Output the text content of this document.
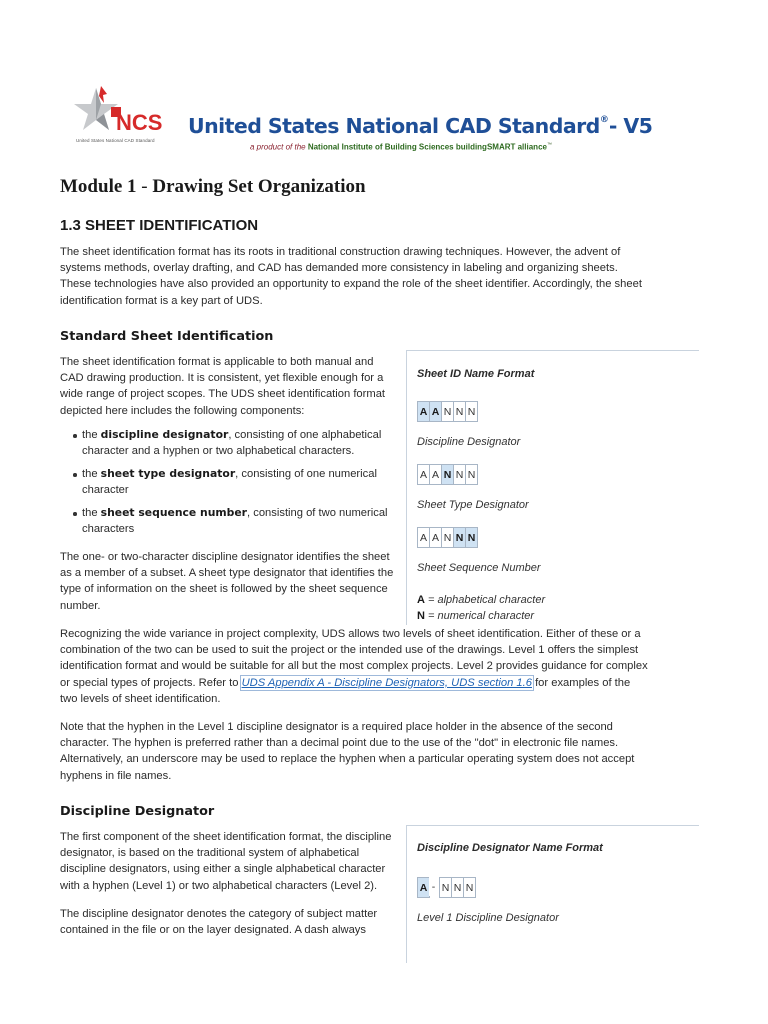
NCS
United States National CAD Standard
United States National CAD Standard®- V5
a product of the National Institute of Building Sciences buildingSMART alliance™
Module 1 - Drawing Set Organization
1.3 SHEET IDENTIFICATION

The sheet identification format has its roots in traditional construction drawing techniques. However, the advent of systems methods, overlay drafting, and CAD has demanded more consistency in labeling and organizing sheets. These technologies have also provided an opportunity to expand the role of the sheet identifier. Accordingly, the sheet identification format is a key part of UDS.

Standard Sheet Identification

The sheet identification format is applicable to both manual and CAD drawing production. It is consistent, yet flexible enough for a wide range of project scopes. The UDS sheet identification format depicted here includes the following components:

the discipline designator, consisting of one alphabetical character and a hyphen or two alphabetical characters.
the sheet type designator, consisting of one numerical character
the sheet sequence number, consisting of two numerical characters

The one- or two-character discipline designator identifies the sheet as a member of a subset. A sheet type designator that identifies the type of information on the sheet is followed by the sheet sequence number.

Recognizing the wide variance in project complexity, UDS allows two levels of sheet identification. Either of these or a combination of the two can be used to suit the project or the intended use of the drawings. Level 1 offers the simplest identification format and would be suitable for all but the most complex projects. Level 2 provides guidance for complex or special types of projects. Refer to UDS Appendix A - Discipline Designators, UDS section 1.6 for examples of the two levels of sheet identification.

Note that the hyphen in the Level 1 discipline designator is a required place holder in the absence of the second character. The hyphen is preferred rather than a decimal point due to the use of the "dot" in electronic file names. Alternatively, an underscore may be used to replace the hyphen when a particular operating system does not accept hyphens in file names.

Discipline Designator

The first component of the sheet identification format, the discipline designator, is based on the traditional system of alphabetical discipline designators, using either a single alphabetical character with a hyphen (Level 1) or two alphabetical characters (Level 2).

The discipline designator denotes the category of subject matter contained in the file or on the layer designated. A dash always

Sheet ID Name Format
A A N N N
Discipline Designator
A A N N N
Sheet Type Designator
A A N N N
Sheet Sequence Number
A = alphabetical character
N = numerical character
Discipline Designator Name Format
A - N N N
Level 1 Discipline Designator
